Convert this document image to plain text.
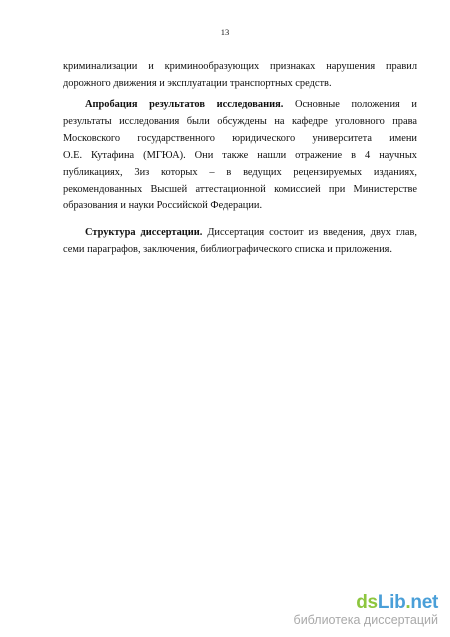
13

криминализации и криминообразующих признаках нарушения правил
дорожного движения и эксплуатации транспортных средств.

Апробация результатов исследования. Основные положения и
результаты исследования были обсуждены на кафедре уголовного права
Московского государственного юридического университета имени
О.Е. Кутафина (МГЮА). Они также нашли отражение в 4 научных
публикациях, 3из которых – в ведущих рецензируемых изданиях,
рекомендованных Высшей аттестационной комиссией при Министерстве
образования и науки Российской Федерации.

Структура диссертации. Диссертация состоит из введения, двух глав,
семи параграфов, заключения, библиографического списка и приложения.

dsLib.net
библиотека диссертаций
